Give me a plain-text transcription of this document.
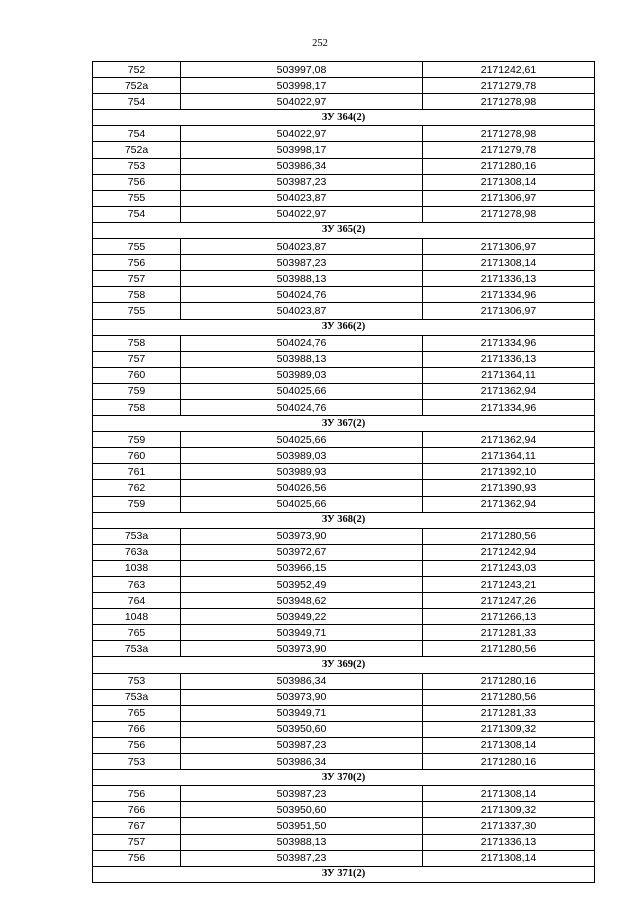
252
752	503997,08	2171242,61
752a	503998,17	2171279,78
754	504022,97	2171278,98
ЗУ 364(2)		
754	504022,97	2171278,98
752a	503998,17	2171279,78
753	503986,34	2171280,16
756	503987,23	2171308,14
755	504023,87	2171306,97
754	504022,97	2171278,98
ЗУ 365(2)		
755	504023,87	2171306,97
756	503987,23	2171308,14
757	503988,13	2171336,13
758	504024,76	2171334,96
755	504023,87	2171306,97
ЗУ 366(2)		
758	504024,76	2171334,96
757	503988,13	2171336,13
760	503989,03	2171364,11
759	504025,66	2171362,94
758	504024,76	2171334,96
ЗУ 367(2)		
759	504025,66	2171362,94
760	503989,03	2171364,11
761	503989,93	2171392,10
762	504026,56	2171390,93
759	504025,66	2171362,94
ЗУ 368(2)		
753a	503973,90	2171280,56
763a	503972,67	2171242,94
1038	503966,15	2171243,03
763	503952,49	2171243,21
764	503948,62	2171247,26
1048	503949,22	2171266,13
765	503949,71	2171281,33
753a	503973,90	2171280,56
ЗУ 369(2)		
753	503986,34	2171280,16
753a	503973,90	2171280,56
765	503949,71	2171281,33
766	503950,60	2171309,32
756	503987,23	2171308,14
753	503986,34	2171280,16
ЗУ 370(2)		
756	503987,23	2171308,14
766	503950,60	2171309,32
767	503951,50	2171337,30
757	503988,13	2171336,13
756	503987,23	2171308,14
ЗУ 371(2)		
